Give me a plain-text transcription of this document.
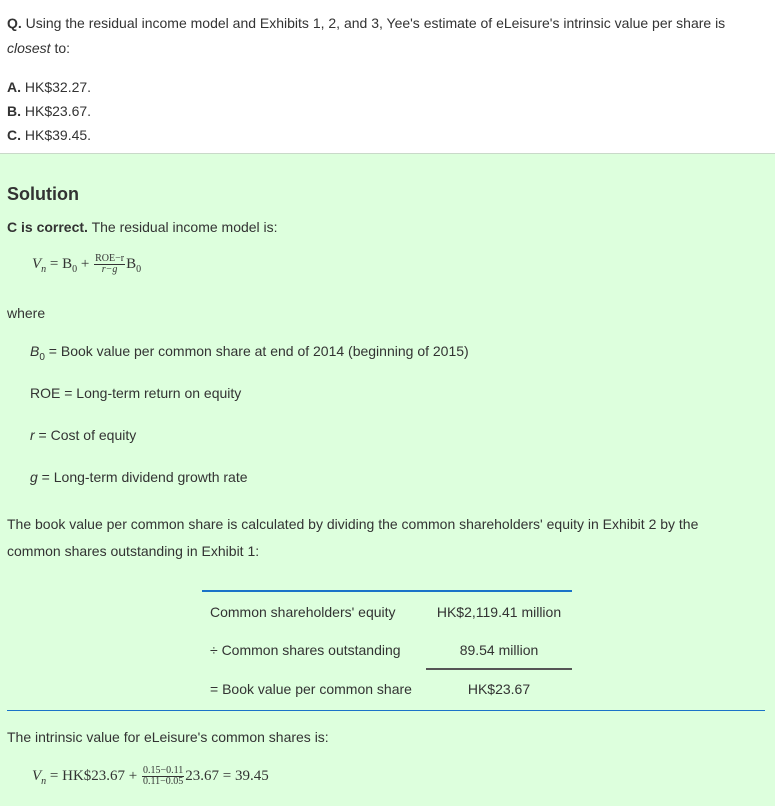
Q. Using the residual income model and Exhibits 1, 2, and 3, Yee's estimate of eLeisure's intrinsic value per share is
closest to:

A. HK$32.27.
B. HK$23.67.
C. HK$39.45.
Solution

C is correct. The residual income model is:

$V_n = B_0 + \frac{\text{ROE−r}}{r-g} B_0$
where
$B_0$ = Book value per common share at end of 2014 (beginning of 2015)
ROE = Long-term return on equity
r = Cost of equity
g = Long-term dividend growth rate
The book value per common share is calculated by dividing the common shareholders' equity in Exhibit 2 by the
common shares outstanding in Exhibit 1:
The intrinsic value for eLeisure's common shares is:
$V_n$ = HK$23.67 + $\frac{0.15-0.11}{0.11-0.05} 23.67 = 39.45$
Common shareholders' equity	HK$2,119.41 million
÷ Common shares outstanding	89.54 million
= Book value per common share	HK$23.67
